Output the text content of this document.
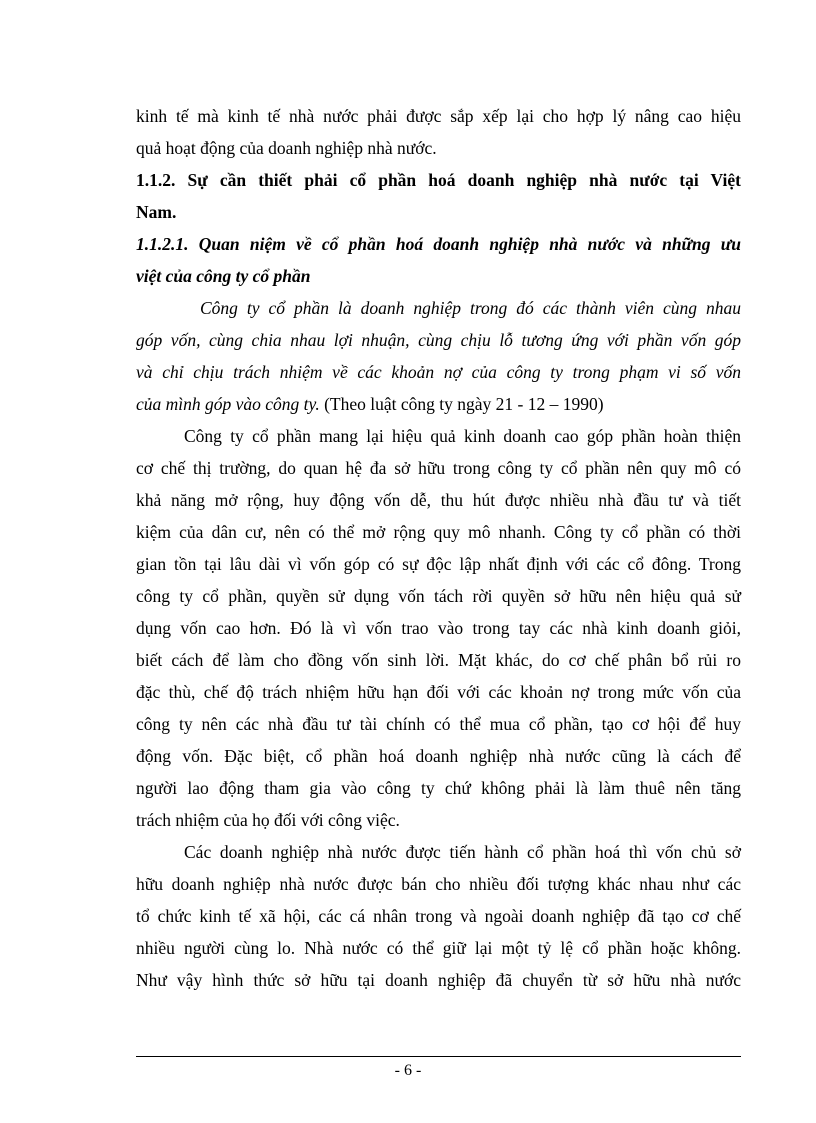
kinh tế mà kinh tế nhà nước phải được sắp xếp lại cho hợp lý nâng cao hiệu
quả hoạt động của doanh nghiệp nhà nước.
1.1.2. Sự cần thiết phải cổ phần hoá doanh nghiệp nhà nước tại Việt
Nam.
1.1.2.1. Quan niệm về cổ phần hoá doanh nghiệp nhà nước và những ưu
việt của công ty cổ phần
Công ty cổ phần là doanh nghiệp trong đó các thành viên cùng nhau
góp vốn, cùng chia nhau lợi nhuận, cùng chịu lỗ tương ứng với phần vốn góp
và chỉ chịu trách nhiệm về các khoản nợ của công ty trong phạm vi số vốn
của mình góp vào công ty. (Theo luật công ty ngày 21 - 12 – 1990)
Công ty cổ phần mang lại hiệu quả kinh doanh cao góp phần hoàn thiện
cơ chế thị trường, do quan hệ đa sở hữu trong công ty cổ phần nên quy mô có
khả năng mở rộng, huy động vốn dễ, thu hút được nhiều nhà đầu tư và tiết
kiệm của dân cư, nên có thể mở rộng quy mô nhanh. Công ty cổ phần có thời
gian tồn tại lâu dài vì vốn góp có sự độc lập nhất định với các cổ đông. Trong
công ty cổ phần, quyền sử dụng vốn tách rời quyền sở hữu nên hiệu quả sử
dụng vốn cao hơn. Đó là vì vốn trao vào trong tay các nhà kinh doanh giỏi,
biết cách để làm cho đồng vốn sinh lời. Mặt khác, do cơ chế phân bổ rủi ro
đặc thù, chế độ trách nhiệm hữu hạn đối với các khoản nợ trong mức vốn của
công ty nên các nhà đầu tư tài chính có thể mua cổ phần, tạo cơ hội để huy
động vốn. Đặc biệt, cổ phần hoá doanh nghiệp nhà nước cũng là cách để
người lao động tham gia vào công ty chứ không phải là làm thuê nên tăng
trách nhiệm của họ đối với công việc.
Các doanh nghiệp nhà nước được tiến hành cổ phần hoá thì vốn chủ sở
hữu doanh nghiệp nhà nước được bán cho nhiều đối tượng khác nhau như các
tổ chức kinh tế xã hội, các cá nhân trong và ngoài doanh nghiệp đã tạo cơ chế
nhiều người cùng lo. Nhà nước có thể giữ lại một tỷ lệ cổ phần hoặc không.
Như vậy hình thức sở hữu tại doanh nghiệp đã chuyển từ sở hữu nhà nước
- 6 -
